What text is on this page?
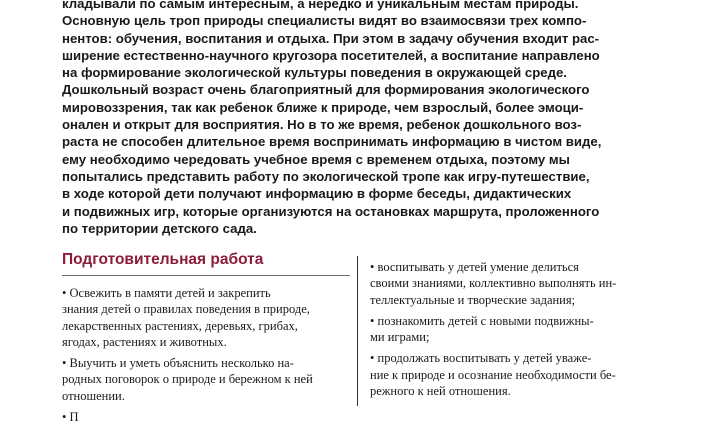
кладывали по самым интересным, а нередко и уникальным местам природы.
Основную цель троп природы специалисты видят во взаимосвязи трех компо-
нентов: обучения, воспитания и отдыха. При этом в задачу обучения входит рас-
ширение естественно-научного кругозора посетителей, а воспитание направлено
на формирование экологической культуры поведения в окружающей среде.
Дошкольный возраст очень благоприятный для формирования экологического
мировоззрения, так как ребенок ближе к природе, чем взрослый, более эмоци-
онален и открыт для восприятия. Но в то же время, ребенок дошкольного воз-
раста не способен длительное время воспринимать информацию в чистом виде,
ему необходимо чередовать учебное время с временем отдыха, поэтому мы
попытались представить работу по экологической тропе как игру-путешествие,
в ходе которой дети получают информацию в форме беседы, дидактических
и подвижных игр, которые организуются на остановках маршрута, проложенного
по территории детского сада.
Подготовительная работа
• Освежить в памяти детей и закрепить
знания детей о правилах поведения в природе,
лекарственных растениях, деревьях, грибах,
ягодах, растениях и животных.
• Выучить и уметь объяснить несколько на-
родных поговорок о природе и бережном к ней
отношении.
• П
• воспитывать у детей умение делиться
своими знаниями, коллективно выполнять ин-
теллектуальные и творческие задания;
• познакомить детей с новыми подвижны-
ми играми;
• продолжать воспитывать у детей уваже-
ние к природе и осознание необходимости бе-
режного к ней отношения.
